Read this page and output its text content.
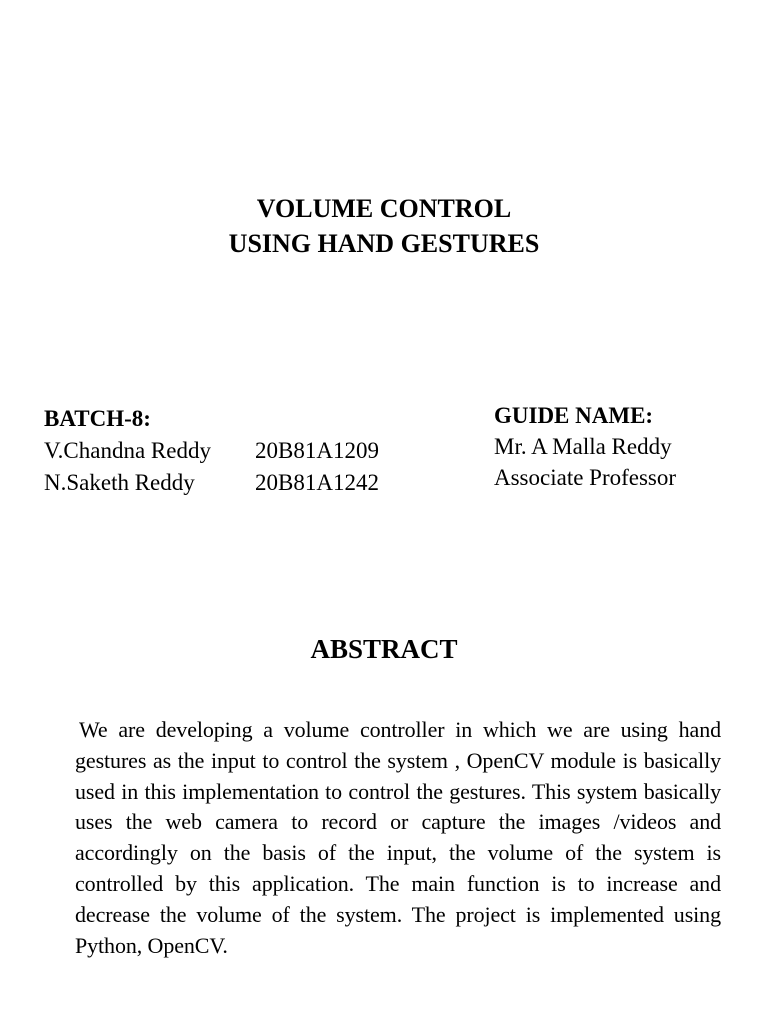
VOLUME CONTROL
USING HAND GESTURES
BATCH-8:
V.Chandna Reddy 20B81A1209
N.Saketh Reddy	20B81A1242
GUIDE NAME:
Mr. A Malla Reddy
Associate Professor
ABSTRACT
We are developing a volume controller in which we are using hand gestures as the input to control the system , OpenCV module is basically used in this implementation to control the gestures. This system basically uses the web camera to record or capture the images /videos and accordingly on the basis of the input, the volume of the system is controlled by this application. The main function is to increase and decrease the volume of the system. The project is implemented using Python, OpenCV.
